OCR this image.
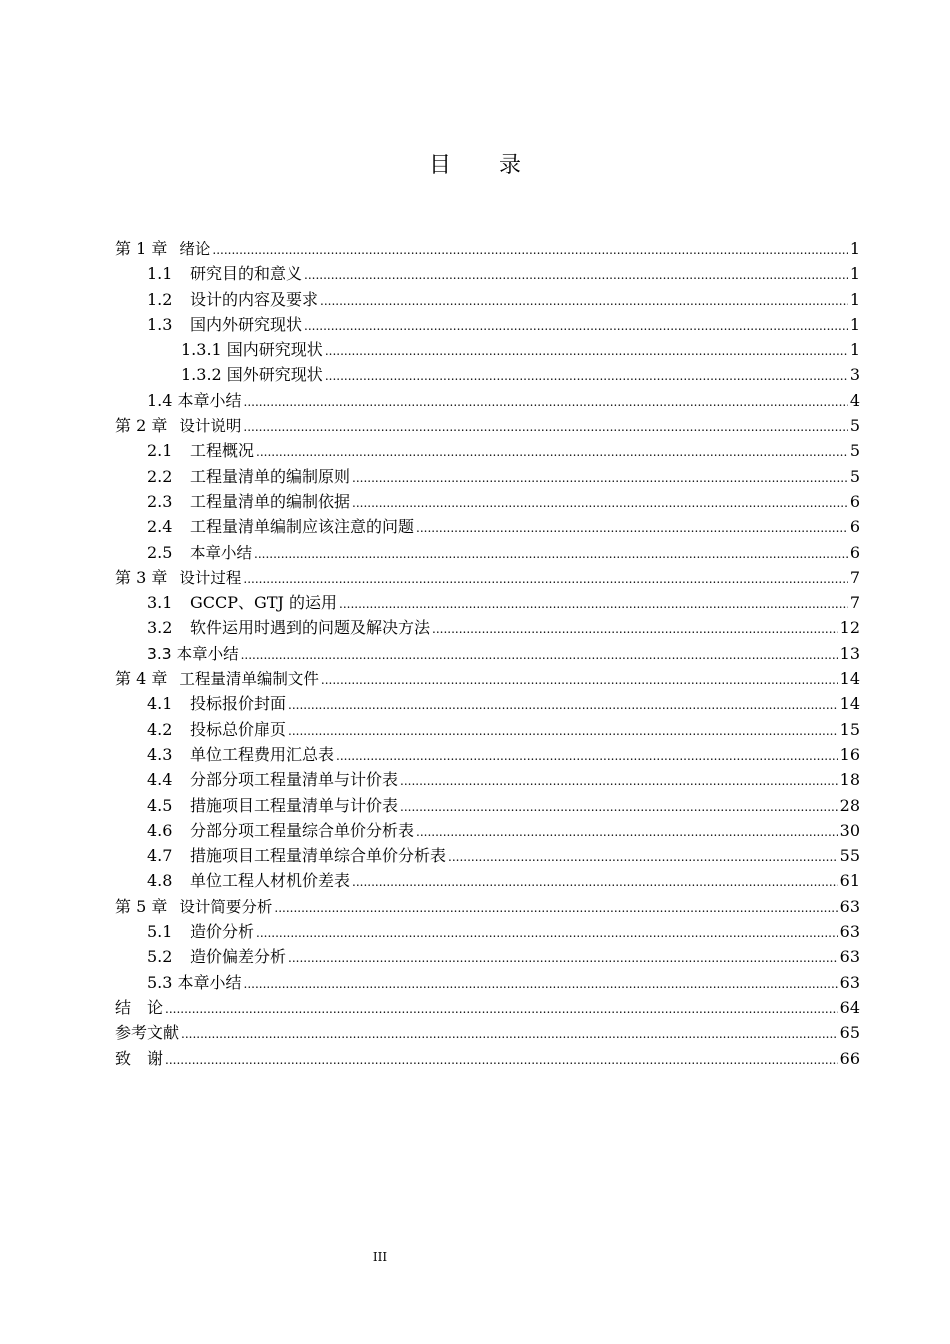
目 录
第 1 章 绪论 .....	1
1.1	研究目的和意义 .....	1
1.2	设计的内容及要求 .....	1
1.3	国内外研究现状 .....	1
1.3.1 国内研究现状 .....	1
1.3.2 国外研究现状 .....	3
1.4 本章小结 .....	4
第 2 章 设计说明 .....	5
2.1	工程概况 .....	5
2.2	工程量清单的编制原则 .....	5
2.3	工程量清单的编制依据 .....	6
2.4	工程量清单编制应该注意的问题 .....	6
2.5	本章小结 .....	6
第 3 章 设计过程 .....	7
3.1	GCCP、GTJ 的运用 .....	7
3.2	软件运用时遇到的问题及解决方法 .....	12
3.3 本章小结 .....	13
第 4 章 工程量清单编制文件 .....	14
4.1	投标报价封面 .....	14
4.2	投标总价扉页 .....	15
4.3	单位工程费用汇总表 .....	16
4.4	分部分项工程量清单与计价表 .....	18
4.5	措施项目工程量清单与计价表 .....	28
4.6	分部分项工程量综合单价分析表 .....	30
4.7	措施项目工程量清单综合单价分析表 .....	55
4.8	单位工程人材机价差表 .....	61
第 5 章 设计简要分析 .....	63
5.1	造价分析 .....	63
5.2	造价偏差分析 .....	63
5.3 本章小结 .....	63
结　论 .....	64
参考文献 .....	65
致　谢 .....	66
III
